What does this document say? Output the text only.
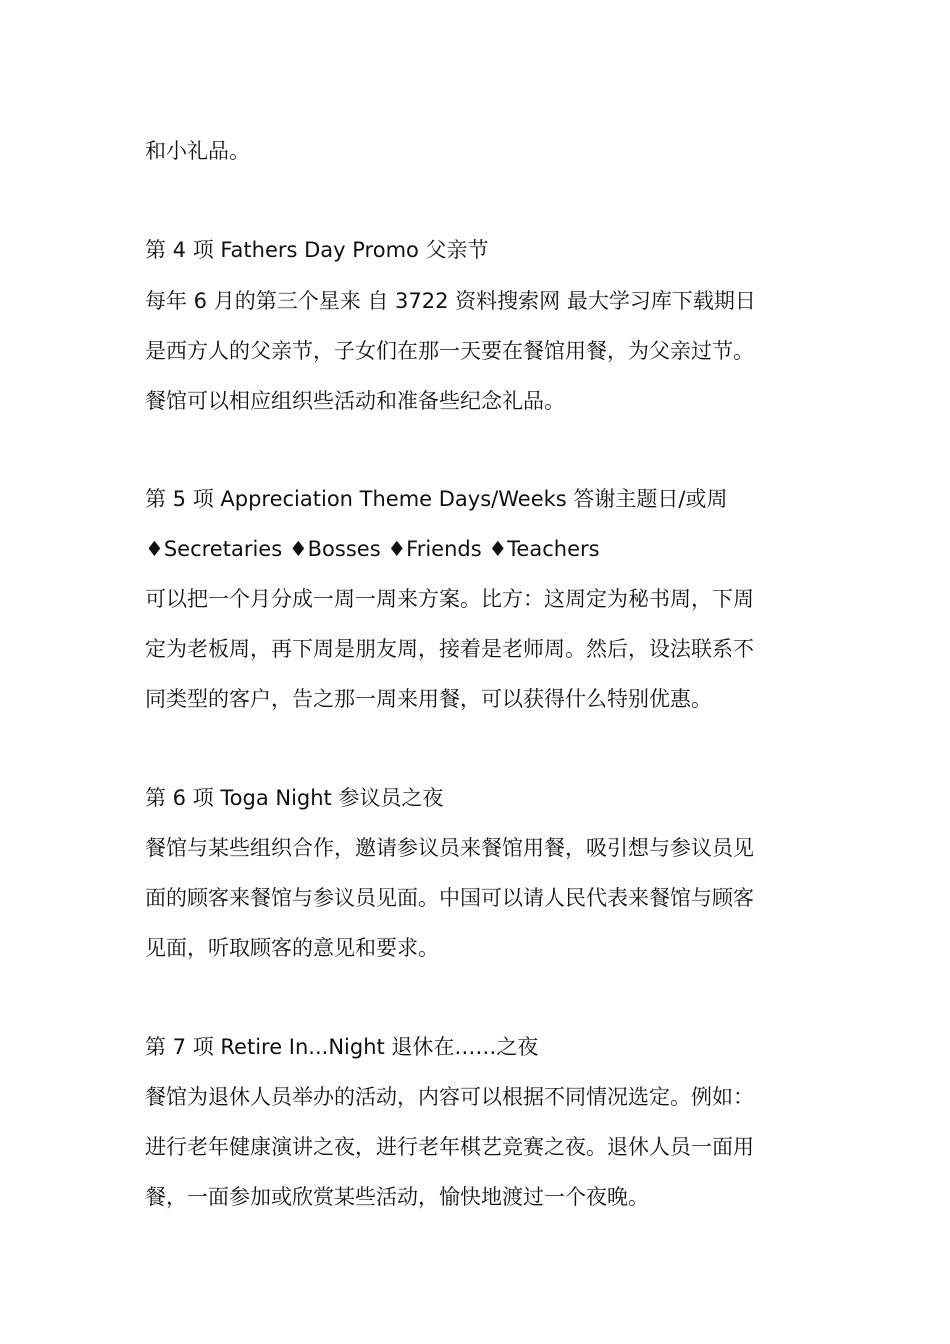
和小礼品。
第 4 项 Fathers Day Promo 父亲节
每年 6 月的第三个星来 自 3722 资料搜索网 最大学习库下载期日
是西方人的父亲节，子女们在那一天要在餐馆用餐，为父亲过节。
餐馆可以相应组织些活动和准备些纪念礼品。
第 5 项 Appreciation Theme Days/Weeks 答谢主题日/或周
♦Secretaries ♦Bosses ♦Friends ♦Teachers
可以把一个月分成一周一周来方案。比方：这周定为秘书周，下周
定为老板周，再下周是朋友周，接着是老师周。然后，设法联系不
同类型的客户，告之那一周来用餐，可以获得什么特别优惠。
第 6 项 Toga Night 参议员之夜
餐馆与某些组织合作，邀请参议员来餐馆用餐，吸引想与参议员见
面的顾客来餐馆与参议员见面。中国可以请人民代表来餐馆与顾客
见面，听取顾客的意见和要求。
第 7 项 Retire In...Night 退休在……之夜
餐馆为退休人员举办的活动，内容可以根据不同情况选定。例如：
进行老年健康演讲之夜，进行老年棋艺竞赛之夜。退休人员一面用
餐，一面参加或欣赏某些活动，愉快地渡过一个夜晚。
